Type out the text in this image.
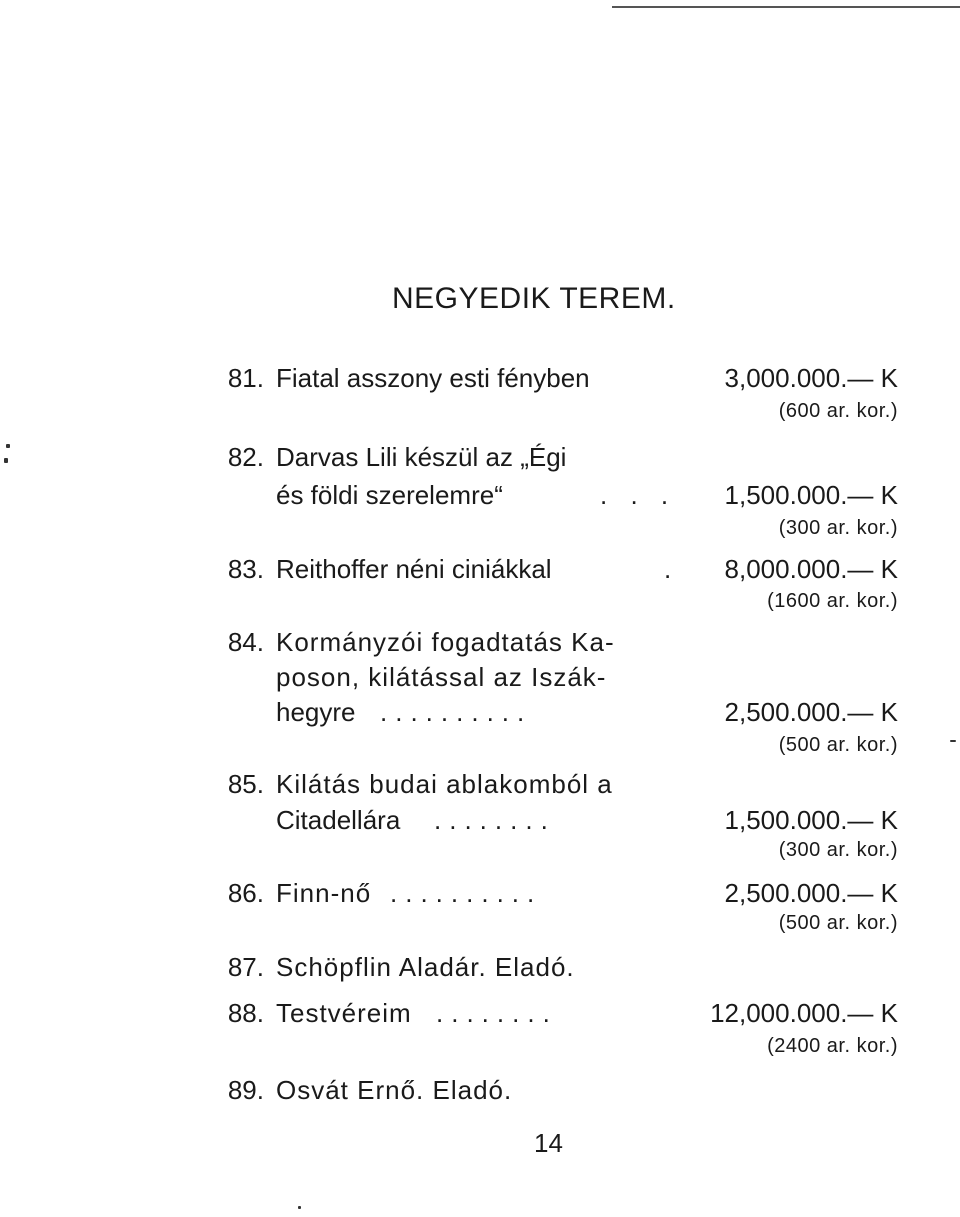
NEGYEDIK TEREM.
81. Fiatal asszony esti fényben	3,000.000.— K
(600 ar. kor.)
82. Darvas Lili készül az „Égi
és földi szerelemre“	. . . 1,500.000.— K
(300 ar. kor.)
83. Reithoffer néni ciniákkal	. 8,000.000.— K
(1600 ar. kor.)
84. Kormányzói fogadtatás Ka-
poson, kilátással az Iszák-
hegyre ..........	2,500.000.— K
(500 ar. kor.)
85. Kilátás budai ablakomból a
Citadellára ........	1,500.000.— K
(300 ar. kor.)
86. Finn-nő ..........	2,500.000.— K
(500 ar. kor.)
87. Schöpflin Aladár. Eladó.
88. Testvéreim ........	12,000.000.— K
(2400 ar. kor.)
89. Osvát Ernő. Eladó.
14
